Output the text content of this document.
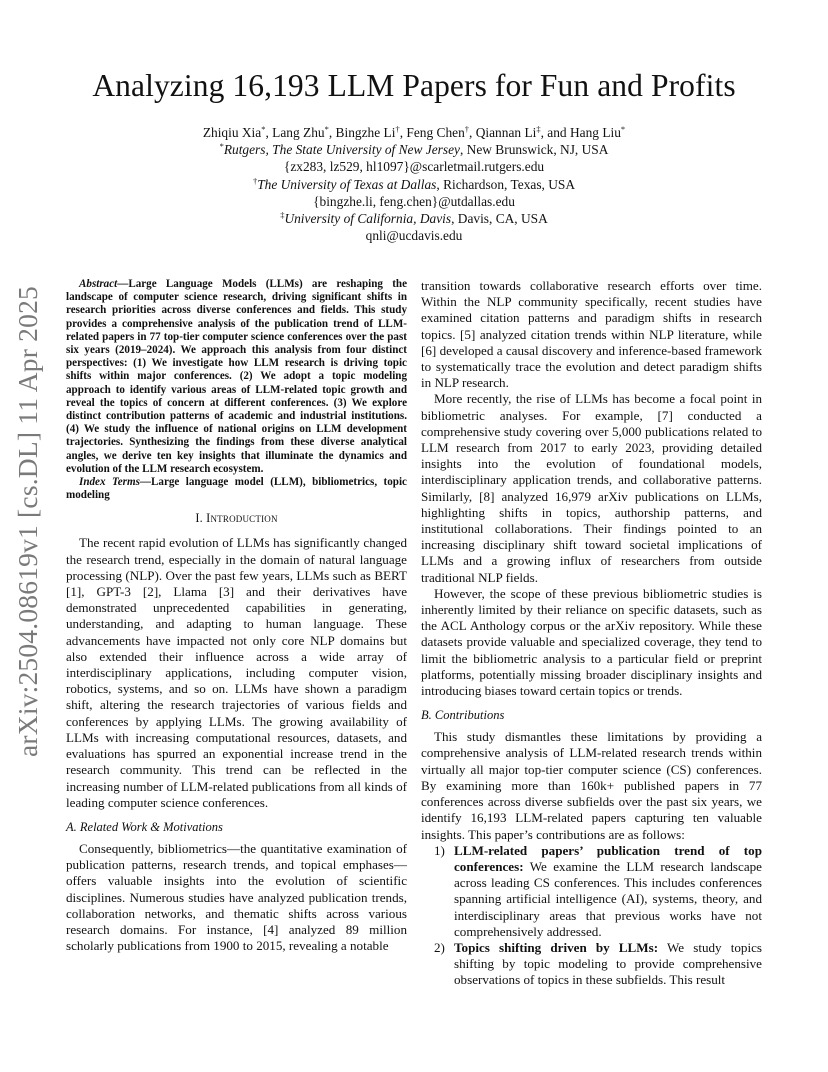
Analyzing 16,193 LLM Papers for Fun and Profits
Zhiqiu Xia*, Lang Zhu*, Bingzhe Li†, Feng Chen†, Qiannan Li‡, and Hang Liu*
*Rutgers, The State University of New Jersey, New Brunswick, NJ, USA
{zx283, lz529, hl1097}@scarletmail.rutgers.edu
†The University of Texas at Dallas, Richardson, Texas, USA
{bingzhe.li, feng.chen}@utdallas.edu
‡University of California, Davis, Davis, CA, USA
qnli@ucdavis.edu
arXiv:2504.08619v1 [cs.DL] 11 Apr 2025

Abstract—Large Language Models (LLMs) are reshaping the landscape of computer science research, driving significant shifts in research priorities across diverse conferences and fields. This study provides a comprehensive analysis of the publication trend of LLM-related papers in 77 top-tier computer science conferences over the past six years (2019–2024). We approach this analysis from four distinct perspectives: (1) We investigate how LLM research is driving topic shifts within major conferences. (2) We adopt a topic modeling approach to identify various areas of LLM-related topic growth and reveal the topics of concern at different conferences. (3) We explore distinct contribution patterns of academic and industrial institutions. (4) We study the influence of national origins on LLM development trajectories. Synthesizing the findings from these diverse analytical angles, we derive ten key insights that illuminate the dynamics and evolution of the LLM research ecosystem.

Index Terms—Large language model (LLM), bibliometrics, topic modeling

I. Introduction

The recent rapid evolution of LLMs has significantly changed the research trend, especially in the domain of natural language processing (NLP). Over the past few years, LLMs such as BERT [1], GPT-3 [2], Llama [3] and their derivatives have demonstrated unprecedented capabilities in generating, understanding, and adapting to human language. These advancements have impacted not only core NLP domains but also extended their influence across a wide array of interdisciplinary applications, including computer vision, robotics, systems, and so on. LLMs have shown a paradigm shift, altering the research trajectories of various fields and conferences by applying LLMs. The growing availability of LLMs with increasing computational resources, datasets, and evaluations has spurred an exponential increase trend in the research community. This trend can be reflected in the increasing number of LLM-related publications from all kinds of leading computer science conferences.

A. Related Work & Motivations

Consequently, bibliometrics—the quantitative examination of publication patterns, research trends, and topical emphases—offers valuable insights into the evolution of scientific disciplines. Numerous studies have analyzed publication trends, collaboration networks, and thematic shifts across various research domains. For instance, [4] analyzed 89 million scholarly publications from 1900 to 2015, revealing a notable

transition towards collaborative research efforts over time. Within the NLP community specifically, recent studies have examined citation patterns and paradigm shifts in research topics. [5] analyzed citation trends within NLP literature, while [6] developed a causal discovery and inference-based framework to systematically trace the evolution and detect paradigm shifts in NLP research.

More recently, the rise of LLMs has become a focal point in bibliometric analyses. For example, [7] conducted a comprehensive study covering over 5,000 publications related to LLM research from 2017 to early 2023, providing detailed insights into the evolution of foundational models, interdisciplinary application trends, and collaborative patterns. Similarly, [8] analyzed 16,979 arXiv publications on LLMs, highlighting shifts in topics, authorship patterns, and institutional collaborations. Their findings pointed to an increasing disciplinary shift toward societal implications of LLMs and a growing influx of researchers from outside traditional NLP fields.

However, the scope of these previous bibliometric studies is inherently limited by their reliance on specific datasets, such as the ACL Anthology corpus or the arXiv repository. While these datasets provide valuable and specialized coverage, they tend to limit the bibliometric analysis to a particular field or preprint platforms, potentially missing broader disciplinary insights and introducing biases toward certain topics or trends.

B. Contributions

This study dismantles these limitations by providing a comprehensive analysis of LLM-related research trends within virtually all major top-tier computer science (CS) conferences. By examining more than 160k+ published papers in 77 conferences across diverse subfields over the past six years, we identify 16,193 LLM-related papers capturing ten valuable insights. This paper’s contributions are as follows:

1) LLM-related papers’ publication trend of top conferences: We examine the LLM research landscape across leading CS conferences. This includes conferences spanning artificial intelligence (AI), systems, theory, and interdisciplinary areas that previous works have not comprehensively addressed.
2) Topics shifting driven by LLMs: We study topics shifting by topic modeling to provide comprehensive observations of topics in these subfields. This result
